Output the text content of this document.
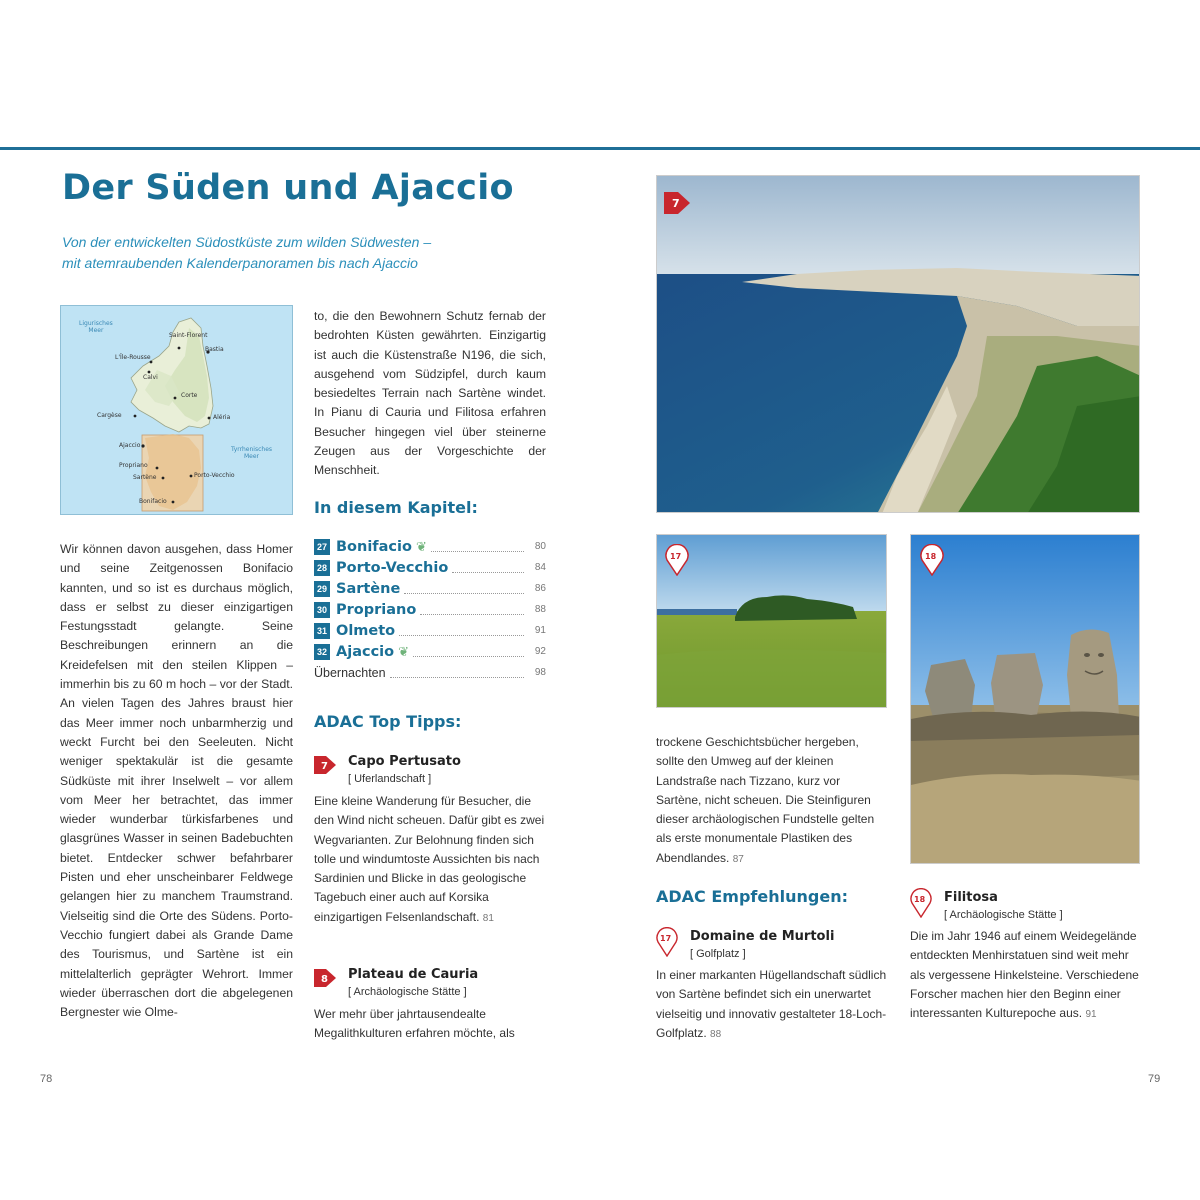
Der Süden und Ajaccio
Von der entwickelten Südostküste zum wilden Südwesten –
mit atemraubenden Kalenderpanoramen bis nach Ajaccio
Ligurisches
Meer
Tyrrhenisches
Meer
Saint-Florent
Bastia
L'Île-Rousse
Calvi
Corte
Cargèse	Aléria
Ajaccio
Propriano
Sartène	Porto-Vecchio
Bonifacio
Wir können davon ausgehen, dass Homer und seine Zeitgenossen Bonifacio kannten, und so ist es durchaus möglich, dass er selbst zu dieser einzigartigen Festungsstadt gelangte. Seine Beschreibungen erinnern an die Kreidefelsen mit den steilen Klippen – immerhin bis zu 60 m hoch – vor der Stadt. An vielen Tagen des Jahres braust hier das Meer immer noch unbarmherzig und weckt Furcht bei den Seeleuten. Nicht weniger spektakulär ist die gesamte Südküste mit ihrer Inselwelt – vor allem vom Meer her betrachtet, das immer wieder wunderbar türkisfarbenes und glasgrünes Wasser in seinen Badebuchten bietet. Entdecker schwer befahrbarer Pisten und eher unscheinbarer Feldwege gelangen hier zu manchem Traumstrand. Vielseitig sind die Orte des Südens. Porto-Vecchio fungiert dabei als Grande Dame des Tourismus, und Sartène ist ein mittelalterlich geprägter Wehrort. Immer wieder überraschen dort die abgelegenen Bergnester wie Olme-
to, die den Bewohnern Schutz fernab der bedrohten Küsten gewährten. Einzigartig ist auch die Küstenstraße N196, die sich, ausgehend vom Südzipfel, durch kaum besiedeltes Terrain nach Sartène windet. In Pianu di Cauria und Filitosa erfahren Besucher hingegen viel über steinerne Zeugen aus der Vorgeschichte der Menschheit.
In diesem Kapitel:
27 Bonifacio ❦	80
28 Porto-Vecchio	84
29 Sartène	86
30 Propriano	88
31 Olmeto	91
32 Ajaccio ❦	92
Übernachten	98
ADAC Top Tipps:
7 Capo Pertusato
[ Uferlandschaft ]
Eine kleine Wanderung für Besucher, die den Wind nicht scheuen. Dafür gibt es zwei Wegvarianten. Zur Belohnung finden sich tolle und windumtoste Aussichten bis nach Sardinien und Blicke in das geologische Tagebuch einer auch auf Korsika einzigartigen Felsenlandschaft. 81
8 Plateau de Cauria
[ Archäologische Stätte ]
Wer mehr über jahrtausendealte Megalithkulturen erfahren möchte, als
7
17	18
trockene Geschichtsbücher hergeben, sollte den Umweg auf der kleinen Landstraße nach Tizzano, kurz vor Sartène, nicht scheuen. Die Steinfiguren dieser archäologischen Fundstelle gelten als erste monumentale Plastiken des Abendlandes. 87
ADAC Empfehlungen:
17 Domaine de Murtoli
[ Golfplatz ]
In einer markanten Hügellandschaft südlich von Sartène befindet sich ein unerwartet vielseitig und innovativ gestalteter 18-Loch-Golfplatz. 88
18 Filitosa
[ Archäologische Stätte ]
Die im Jahr 1946 auf einem Weidegelände entdeckten Menhirstatuen sind weit mehr als vergessene Hinkelsteine. Verschiedene Forscher machen hier den Beginn einer interessanten Kulturepoche aus. 91
78	79
